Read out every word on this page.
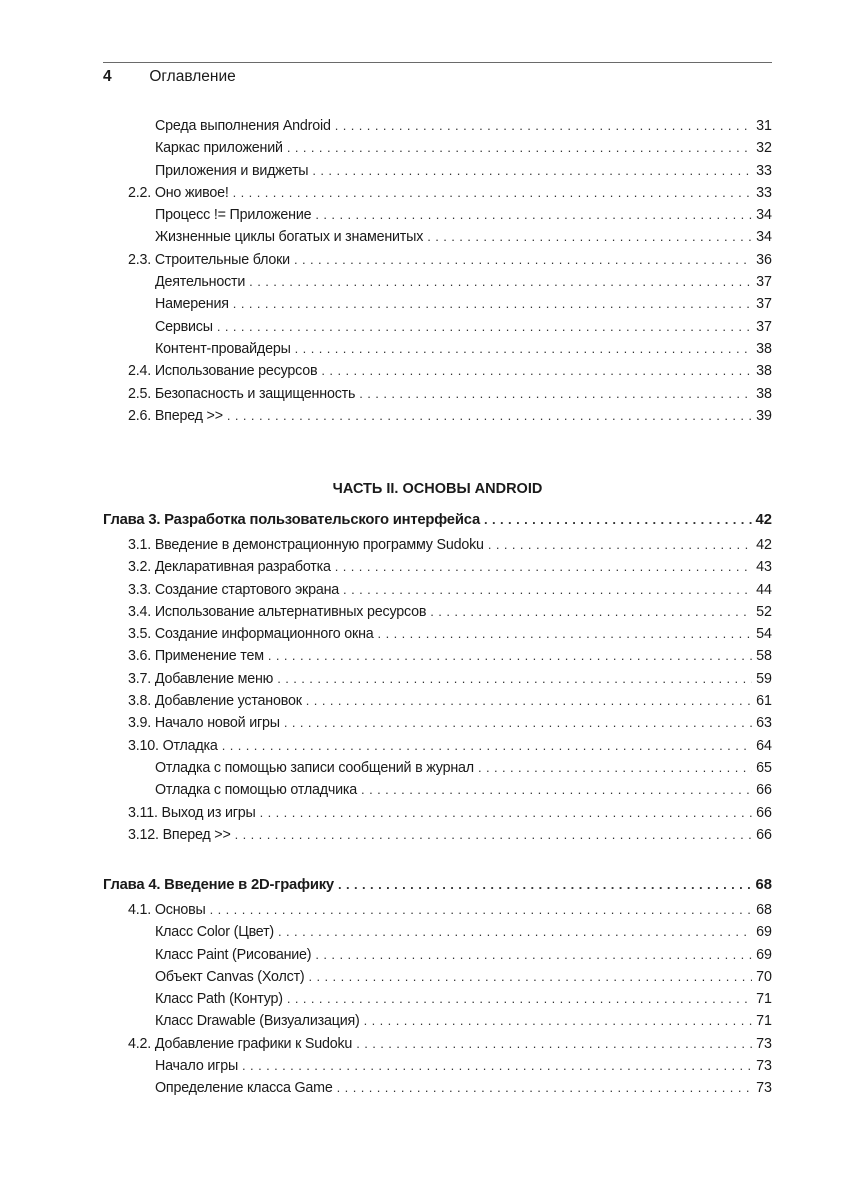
4 Оглавление
Среда выполнения Android . . .	31
Каркас приложений . . .	32
Приложения и виджеты . . .	33
2.2. Оно живое! . . .	33
Процесс != Приложение . . .	34
Жизненные циклы богатых и знаменитых . . .	34
2.3. Строительные блоки . . .	36
Деятельности . . .	37
Намерения . . .	37
Сервисы . . .	37
Контент-провайдеры . . .	38
2.4. Использование ресурсов . . .	38
2.5. Безопасность и защищенность . . .	38
2.6. Вперед >> . . .	39
ЧАСТЬ II. ОСНОВЫ ANDROID
Глава 3. Разработка пользовательского интерфейса . . .	42
3.1. Введение в демонстрационную программу Sudoku . . .	42
3.2. Декларативная разработка . . .	43
3.3. Создание стартового экрана . . .	44
3.4. Использование альтернативных ресурсов . . .	52
3.5. Создание информационного окна . . .	54
3.6. Применение тем . . .	58
3.7. Добавление меню . . .	59
3.8. Добавление установок . . .	61
3.9. Начало новой игры . . .	63
3.10. Отладка . . .	64
Отладка с помощью записи сообщений в журнал . . .	65
Отладка с помощью отладчика . . .	66
3.11. Выход из игры . . .	66
3.12. Вперед >> . . .	66
Глава 4. Введение в 2D-графику . . .	68
4.1. Основы . . .	68
Класс Color (Цвет) . . .	69
Класс Paint (Рисование) . . .	69
Объект Canvas (Холст) . . .	70
Класс Path (Контур) . . .	71
Класс Drawable (Визуализация) . . .	71
4.2. Добавление графики к Sudoku . . .	73
Начало игры . . .	73
Определение класса Game . . .	73
